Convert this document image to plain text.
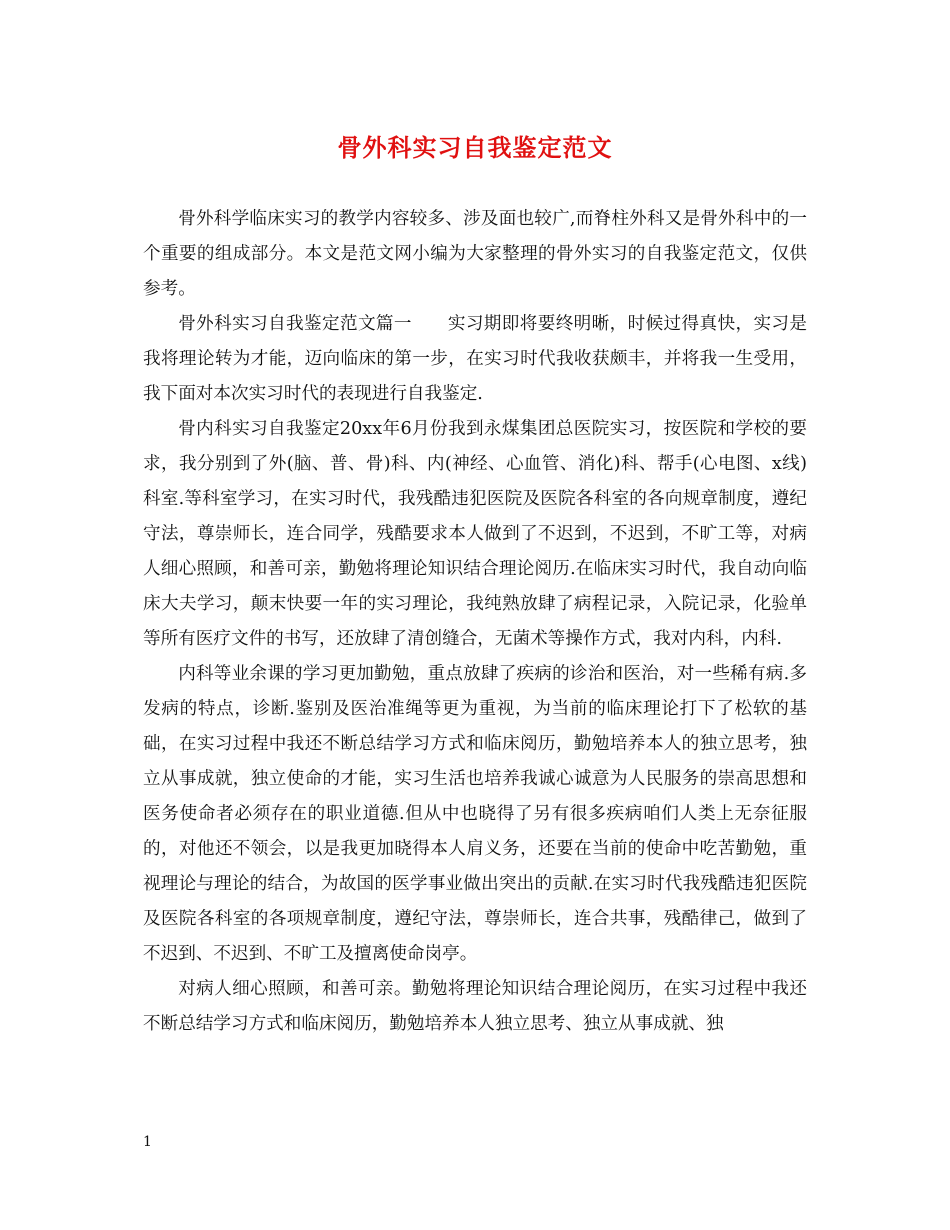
骨外科实习自我鉴定范文

骨外科学临床实习的教学内容较多、涉及面也较广,而脊柱外科又是骨外科中的一个重要的组成部分。本文是范文网小编为大家整理的骨外实习的自我鉴定范文，仅供参考。

骨外科实习自我鉴定范文篇一　　实习期即将要终明晰，时候过得真快，实习是我将理论转为才能，迈向临床的第一步，在实习时代我收获颇丰，并将我一生受用，我下面对本次实习时代的表现进行自我鉴定.

骨内科实习自我鉴定20xx年6月份我到永煤集团总医院实习，按医院和学校的要求，我分别到了外(脑、普、骨)科、内(神经、心血管、消化)科、帮手(心电图、x线)科室.等科室学习，在实习时代，我残酷违犯医院及医院各科室的各向规章制度，遵纪守法，尊崇师长，连合同学，残酷要求本人做到了不迟到，不迟到，不旷工等，对病人细心照顾，和善可亲，勤勉将理论知识结合理论阅历.在临床实习时代，我自动向临床大夫学习，颠末快要一年的实习理论，我纯熟放肆了病程记录，入院记录，化验单等所有医疗文件的书写，还放肆了清创缝合，无菌术等操作方式，我对内科，内科.

内科等业余课的学习更加勤勉，重点放肆了疾病的诊治和医治，对一些稀有病.多发病的特点，诊断.鉴别及医治准绳等更为重视，为当前的临床理论打下了松软的基础，在实习过程中我还不断总结学习方式和临床阅历，勤勉培养本人的独立思考，独立从事成就，独立使命的才能，实习生活也培养我诚心诚意为人民服务的崇高思想和医务使命者必须存在的职业道德.但从中也晓得了另有很多疾病咱们人类上无奈征服的，对他还不领会，以是我更加晓得本人肩义务，还要在当前的使命中吃苦勤勉，重视理论与理论的结合，为故国的医学事业做出突出的贡献.在实习时代我残酷违犯医院及医院各科室的各项规章制度，遵纪守法，尊崇师长，连合共事，残酷律己，做到了不迟到、不迟到、不旷工及擅离使命岗亭。

对病人细心照顾，和善可亲。勤勉将理论知识结合理论阅历，在实习过程中我还不断总结学习方式和临床阅历，勤勉培养本人独立思考、独立从事成就、独

1
